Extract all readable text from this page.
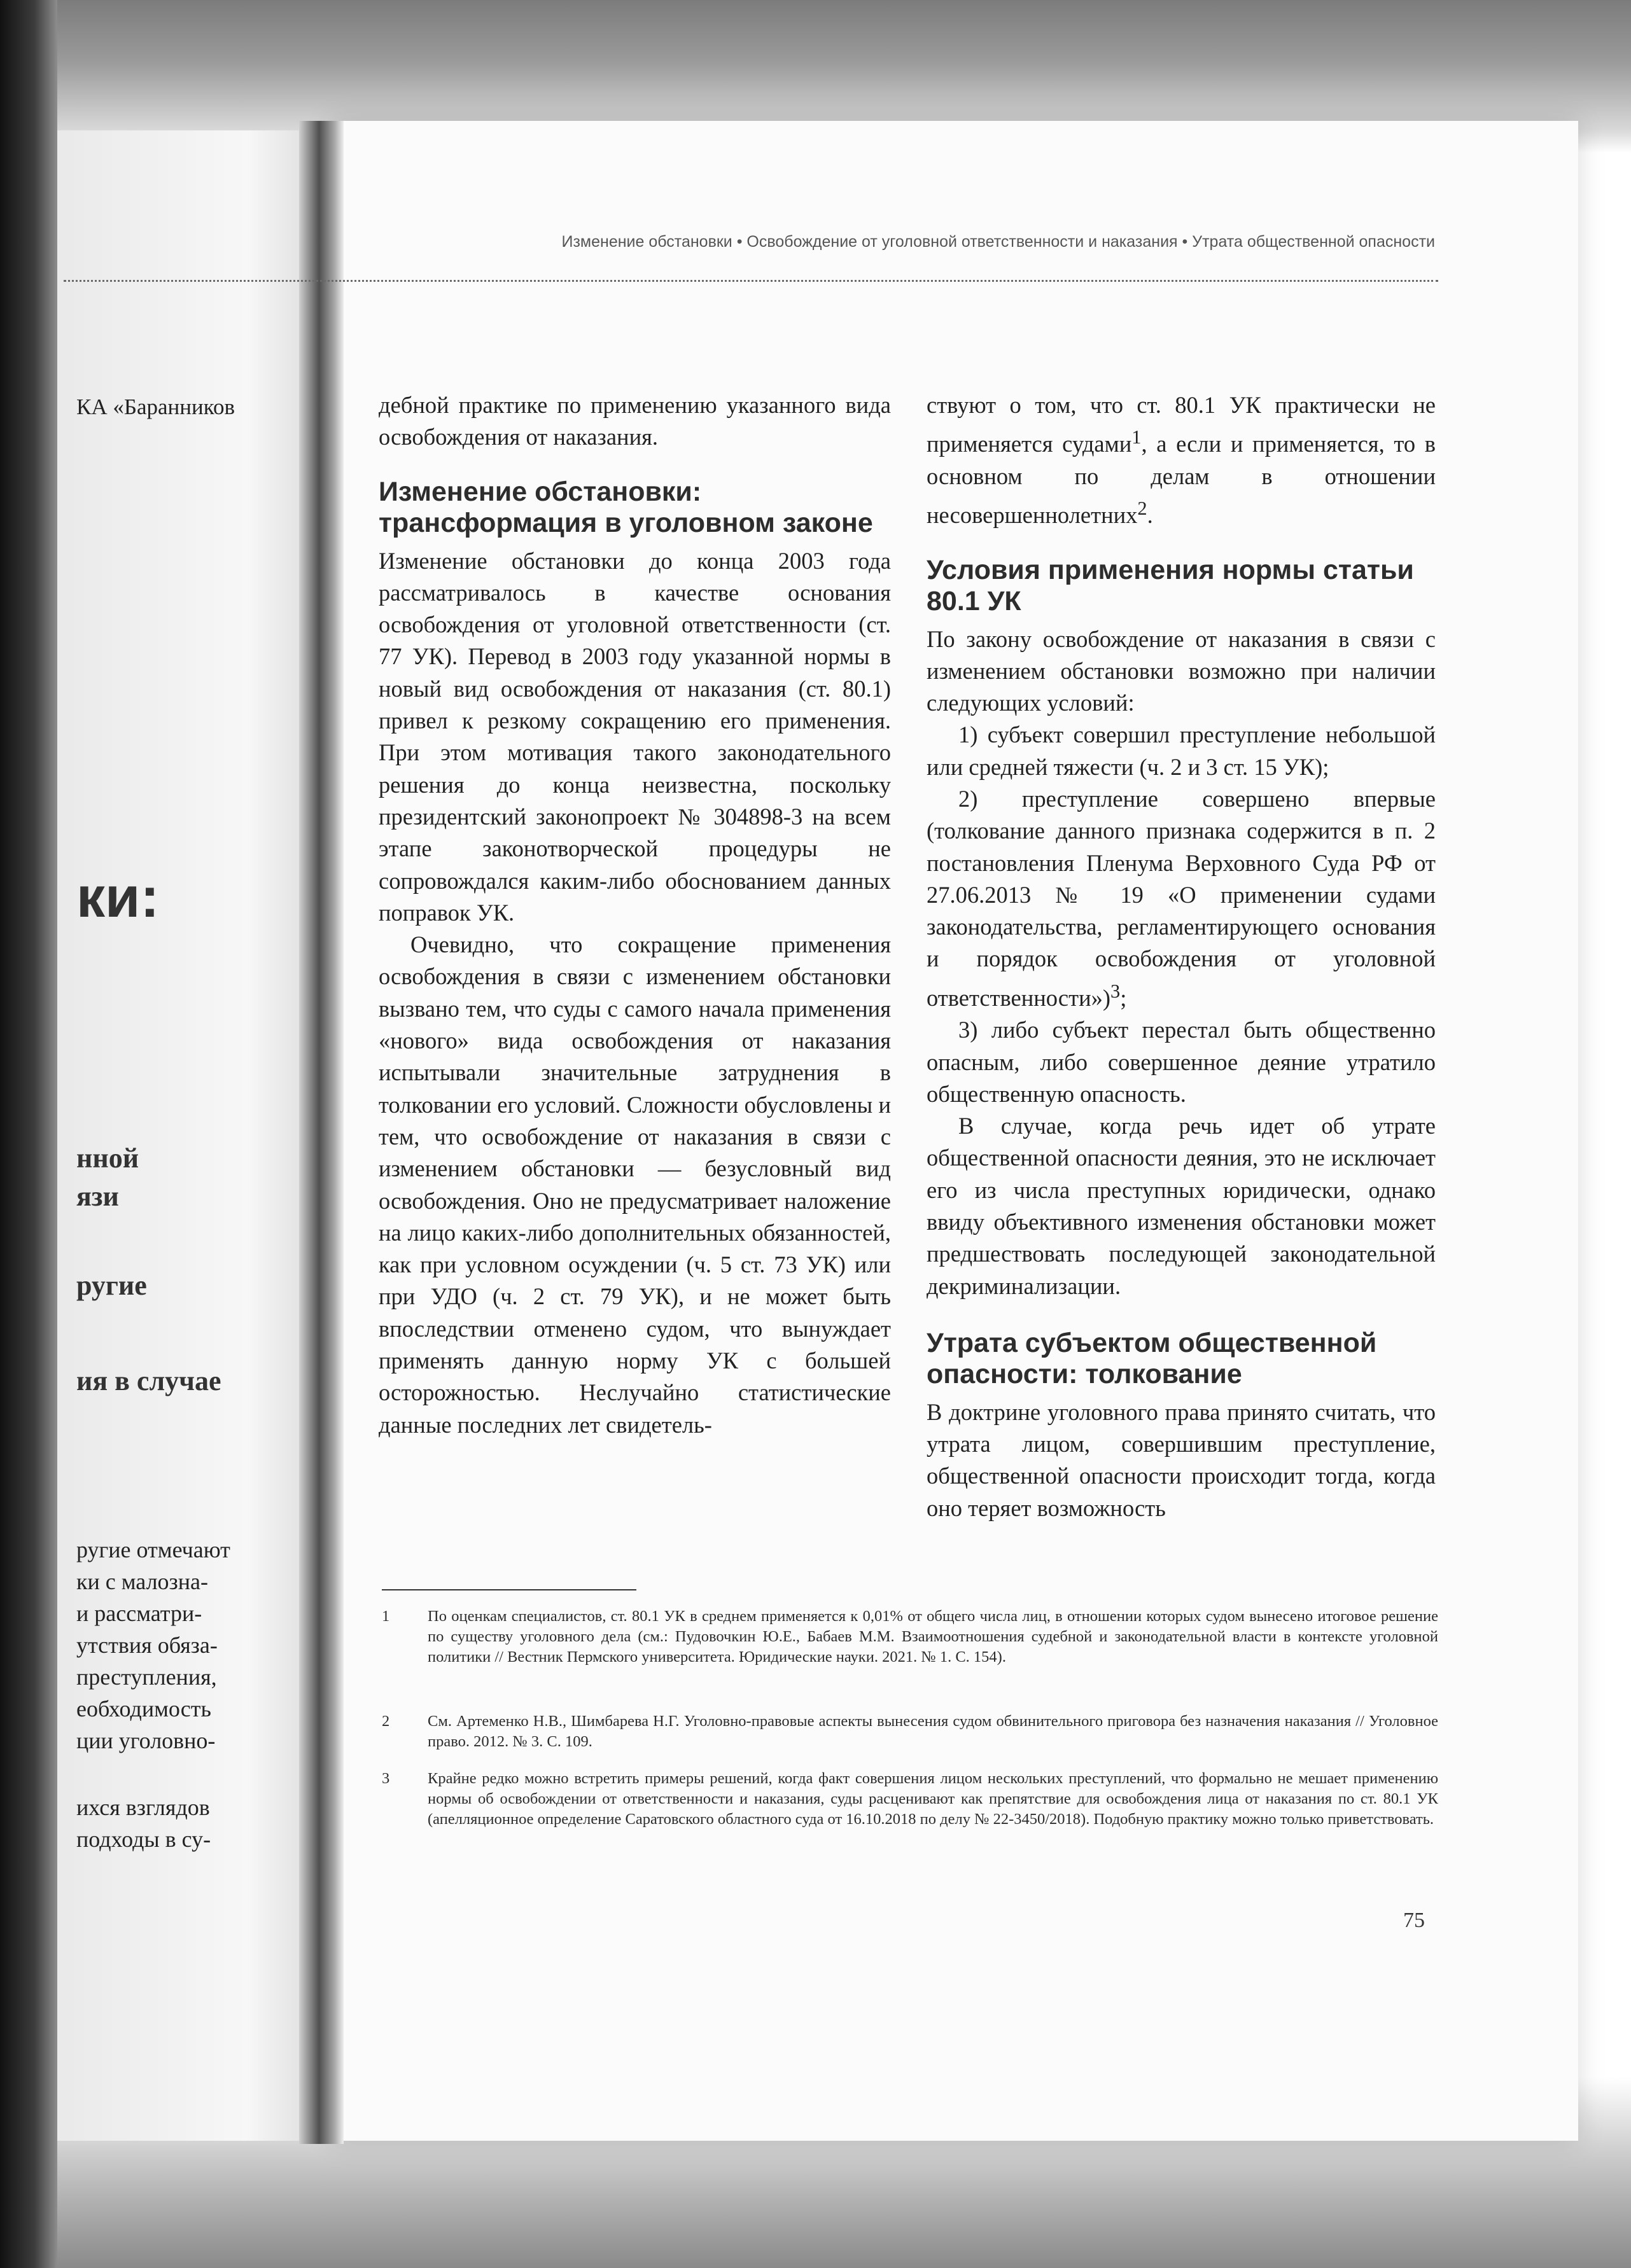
КА «Баранников
ки:
нной
язи
ругие
ия в случае
ругие отмечают
ки с малозна-
и рассматри-
утствия обяза-
преступления,
еобходимость
ции уголовно-
ихся взглядов
подходы в су-
Изменение обстановки • Освобождение от уголовной ответственности и наказания • Утрата общественной опасности

дебной практике по применению указанного вида освобождения от наказания.

Изменение обстановки: трансформация в уголовном законе

Изменение обстановки до конца 2003 года рассматривалось в качестве основания освобождения от уголовной ответственности (ст. 77 УК). Перевод в 2003 году указанной нормы в новый вид освобождения от наказания (ст. 80.1) привел к резкому сокращению его применения. При этом мотивация такого законодательного решения до конца неизвестна, поскольку президентский законопроект № 304898-3 на всем этапе законотворческой процедуры не сопровождался каким-либо обоснованием данных поправок УК.

Очевидно, что сокращение применения освобождения в связи с изменением обстановки вызвано тем, что суды с самого начала применения «нового» вида освобождения от наказания испытывали значительные затруднения в толковании его условий. Сложности обусловлены и тем, что освобождение от наказания в связи с изменением обстановки — безусловный вид освобождения. Оно не предусматривает наложение на лицо каких-либо дополнительных обязанностей, как при условном осуждении (ч. 5 ст. 73 УК) или при УДО (ч. 2 ст. 79 УК), и не может быть впоследствии отменено судом, что вынуждает применять данную норму УК с большей осторожностью. Неслучайно статистические данные последних лет свидетель-

ствуют о том, что ст. 80.1 УК практически не применяется судами$^1$, а если и применяется, то в основном по делам в отношении несовершеннолетних$^2$.

Условия применения нормы статьи 80.1 УК

По закону освобождение от наказания в связи с изменением обстановки возможно при наличии следующих условий:

1) субъект совершил преступление небольшой или средней тяжести (ч. 2 и 3 ст. 15 УК);

2) преступление совершено впервые (толкование данного признака содержится в п. 2 постановления Пленума Верховного Суда РФ от 27.06.2013 № 19 «О применении судами законодательства, регламентирующего основания и порядок освобождения от уголовной ответственности»)$^3$;

3) либо субъект перестал быть общественно опасным, либо совершенное деяние утратило общественную опасность.

В случае, когда речь идет об утрате общественной опасности деяния, это не исключает его из числа преступных юридически, однако ввиду объективного изменения обстановки может предшествовать последующей законодательной декриминализации.

Утрата субъектом общественной опасности: толкование

В доктрине уголовного права принято считать, что утрата лицом, совершившим преступление, общественной опасности происходит тогда, когда оно теряет возможность

1	По оценкам специалистов, ст. 80.1 УК в среднем применяется к 0,01% от общего числа лиц, в отношении которых судом вынесено итоговое решение по существу уголовного дела (см.: Пудовочкин Ю.Е., Бабаев М.М. Взаимоотношения судебной и законодательной власти в контексте уголовной политики // Вестник Пермского университета. Юридические науки. 2021. № 1. С. 154).
2	См. Артеменко Н.В., Шимбарева Н.Г. Уголовно-правовые аспекты вынесения судом обвинительного приговора без назначения наказания // Уголовное право. 2012. № 3. С. 109.
3	Крайне редко можно встретить примеры решений, когда факт совершения лицом нескольких преступлений, что формально не мешает применению нормы об освобождении от ответственности и наказания, суды расценивают как препятствие для освобождения лица от наказания по ст. 80.1 УК (апелляционное определение Саратовского областного суда от 16.10.2018 по делу № 22-3450/2018). Подобную практику можно только приветствовать.
75
